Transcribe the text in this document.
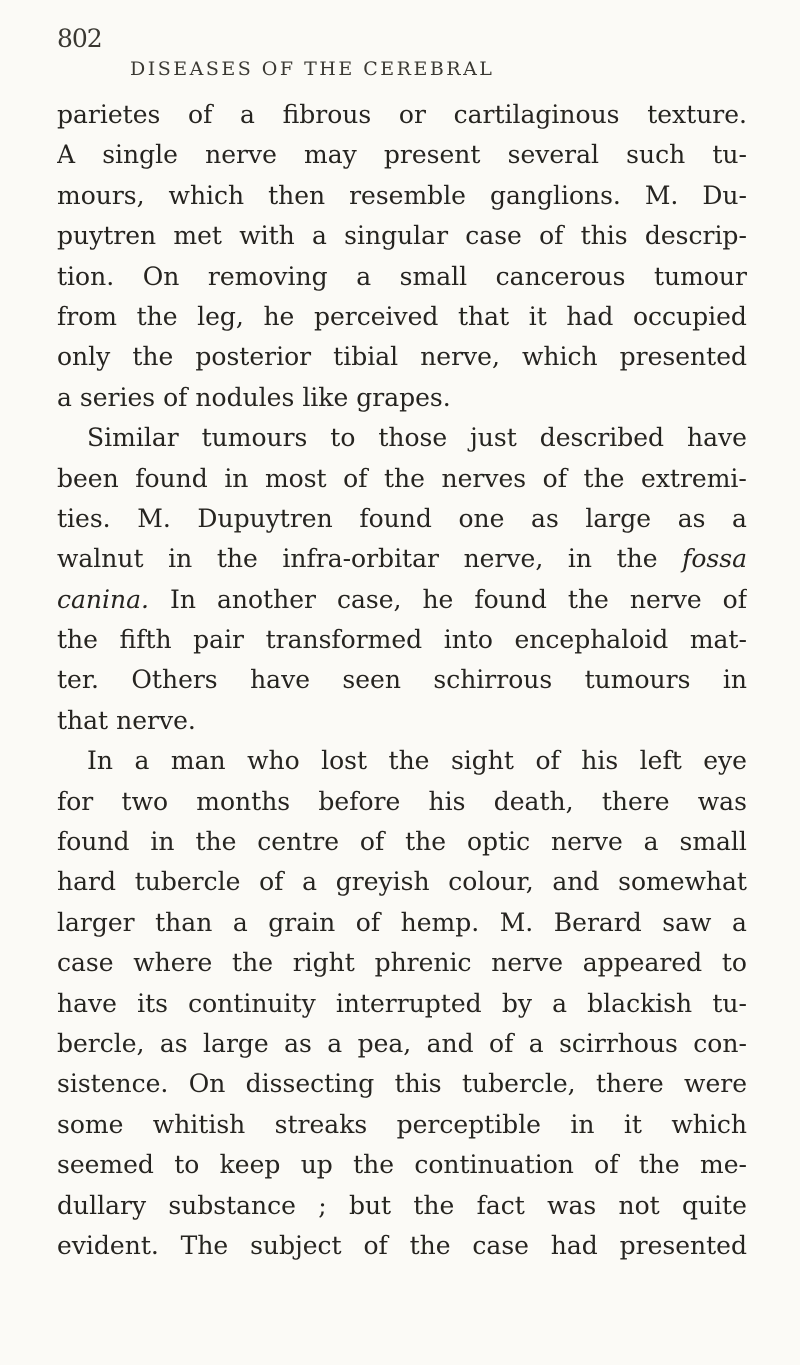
802
DISEASES OF THE CEREBRAL
parietes of a fibrous or cartilaginous texture.
A single nerve may present several such tu-
mours, which then resemble ganglions. M. Du-
puytren met with a singular case of this descrip-
tion. On removing a small cancerous tumour
from the leg, he perceived that it had occupied
only the posterior tibial nerve, which presented
a series of nodules like grapes.
Similar tumours to those just described have
been found in most of the nerves of the extremi-
ties. M. Dupuytren found one as large as a
walnut in the infra-orbitar nerve, in the fossa
canina. In another case, he found the nerve of
the fifth pair transformed into encephaloid mat-
ter. Others have seen schirrous tumours in
that nerve.
In a man who lost the sight of his left eye
for two months before his death, there was
found in the centre of the optic nerve a small
hard tubercle of a greyish colour, and somewhat
larger than a grain of hemp. M. Berard saw a
case where the right phrenic nerve appeared to
have its continuity interrupted by a blackish tu-
bercle, as large as a pea, and of a scirrhous con-
sistence. On dissecting this tubercle, there were
some whitish streaks perceptible in it which
seemed to keep up the continuation of the me-
dullary substance ; but the fact was not quite
evident. The subject of the case had presented
